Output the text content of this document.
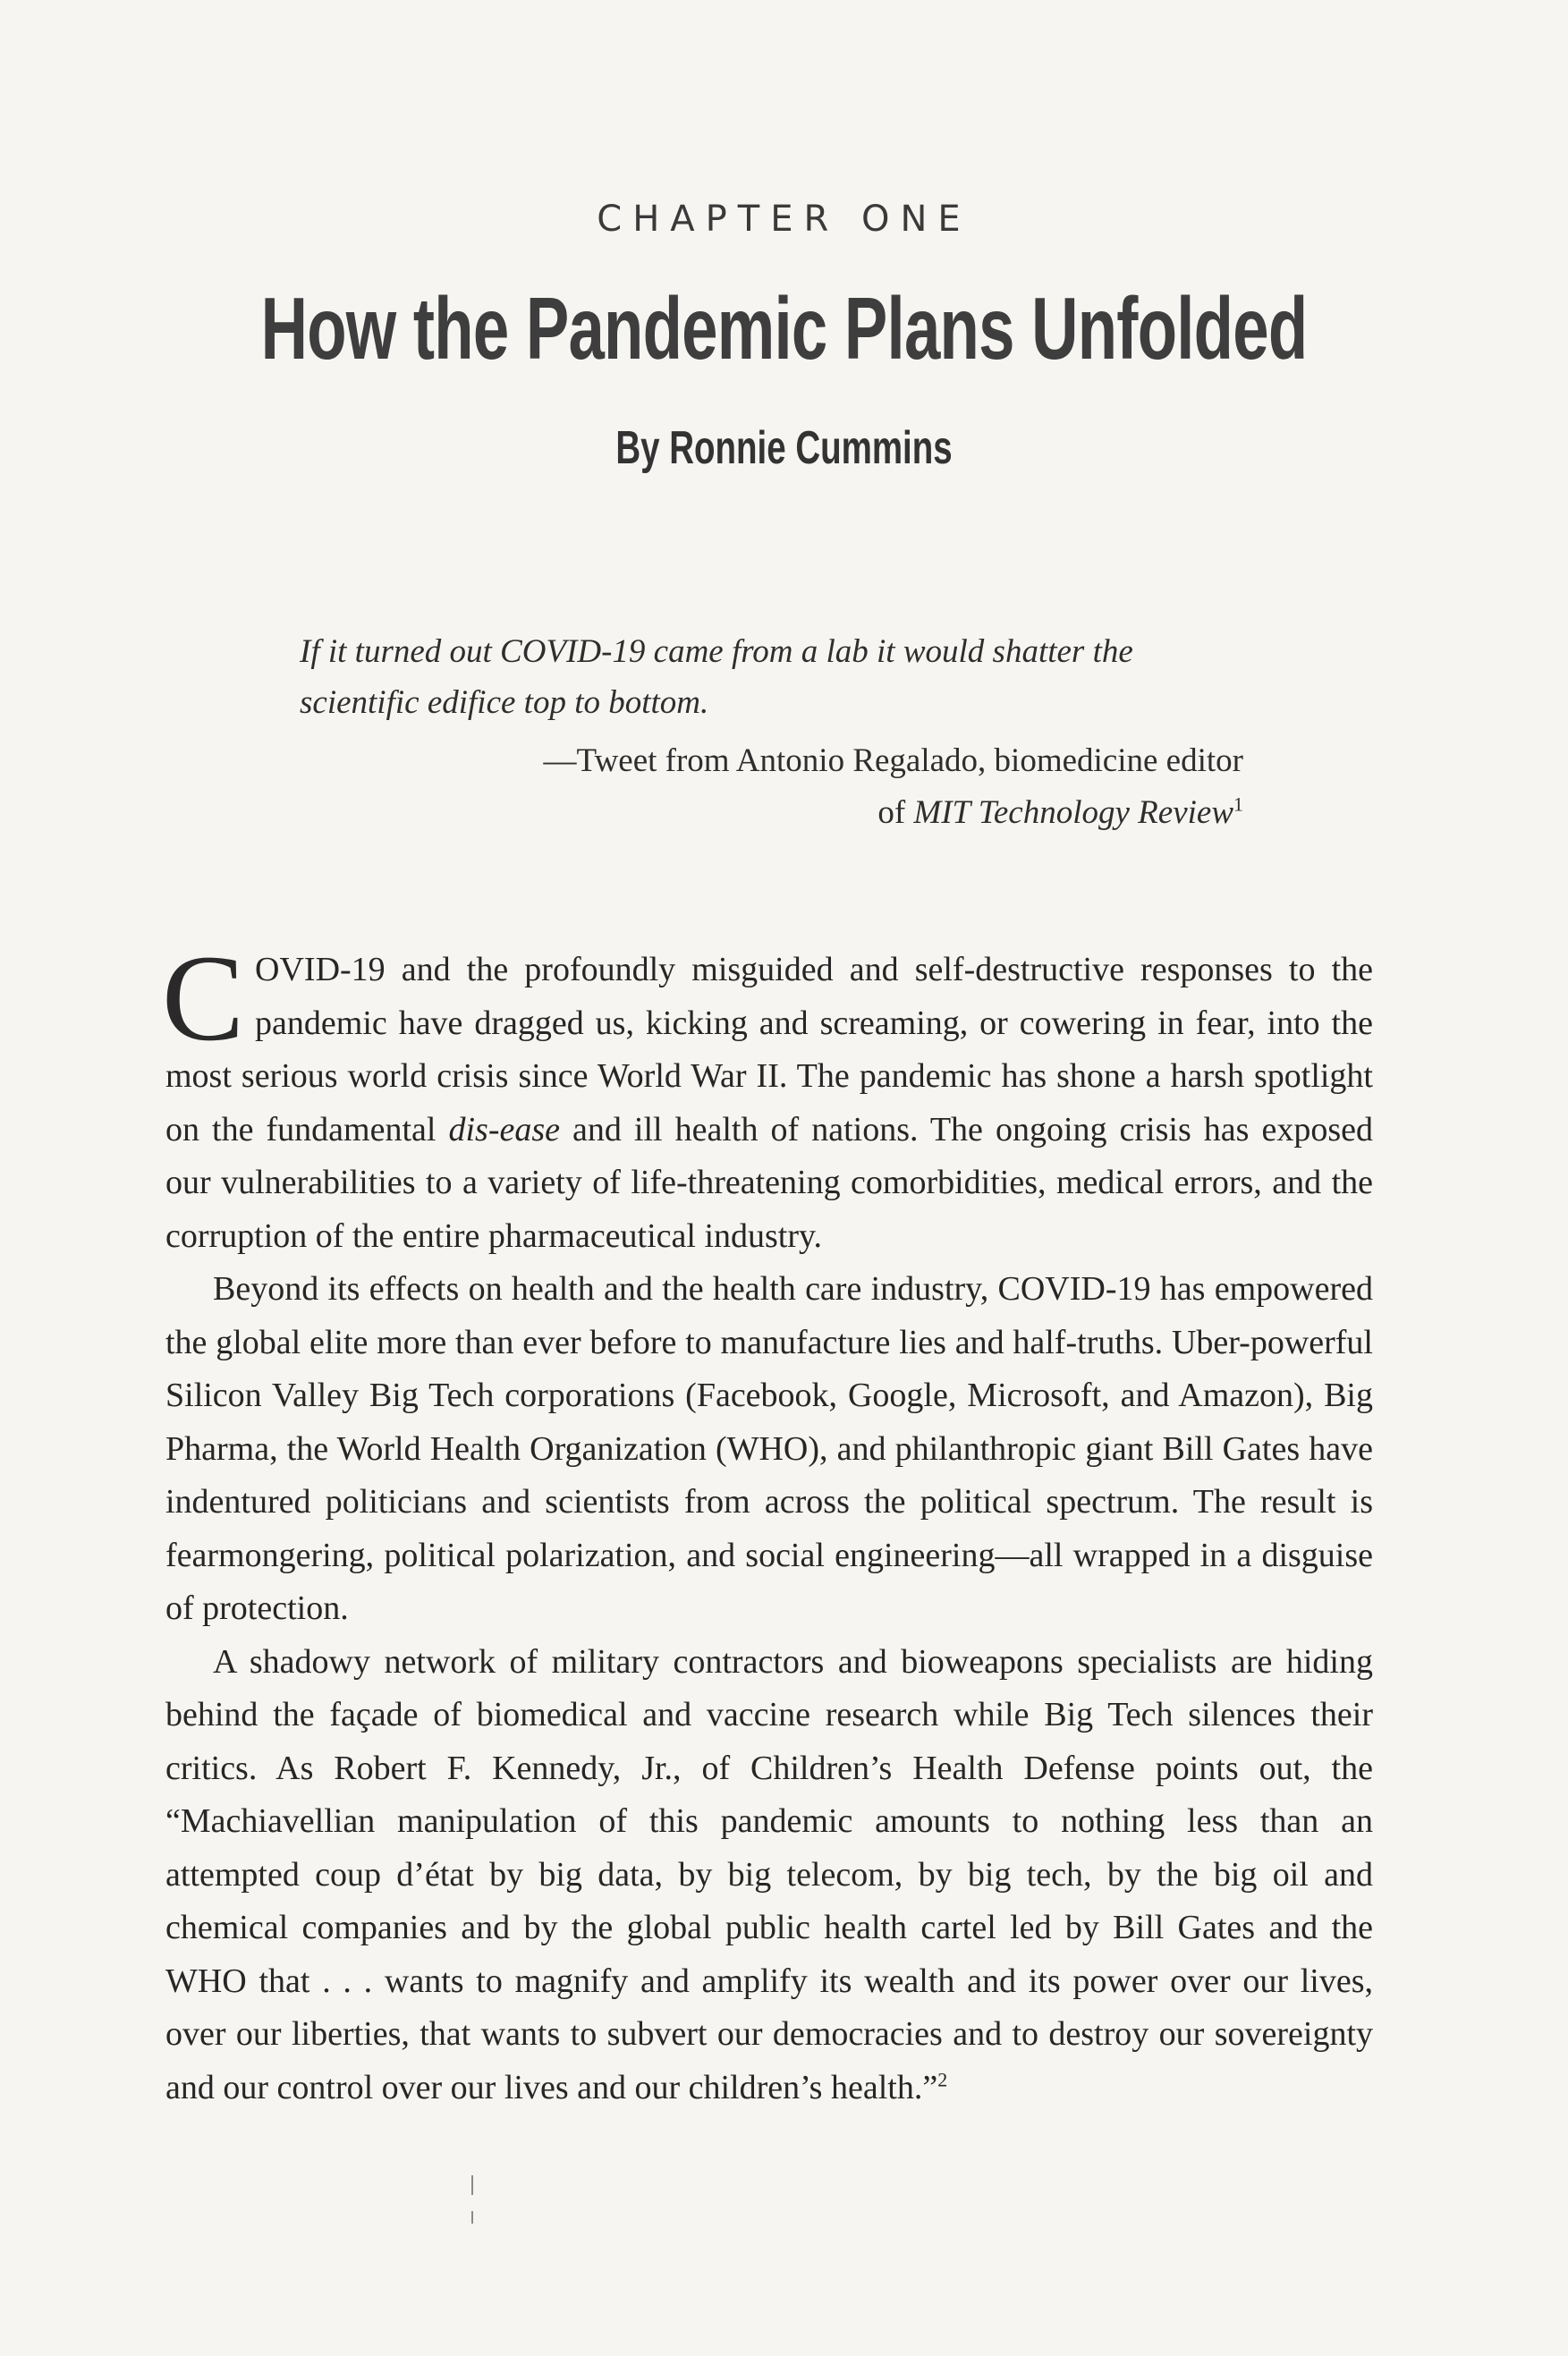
CHAPTER ONE
How the Pandemic Plans Unfolded
By Ronnie Cummins

If it turned out COVID-19 came from a lab it would shatter the scientific edifice top to bottom.

—Tweet from Antonio Regalado, biomedicine editor
of MIT Technology Review$^1$

COVID-19 and the profoundly misguided and self-destructive responses to the pandemic have dragged us, kicking and screaming, or cowering in fear, into the most serious world crisis since World War II. The pandemic has shone a harsh spotlight on the fundamental dis-ease and ill health of nations. The ongoing crisis has exposed our vulnerabilities to a variety of life-threatening comorbidities, medical errors, and the corruption of the entire pharmaceutical industry.

Beyond its effects on health and the health care industry, COVID-19 has empowered the global elite more than ever before to manufacture lies and half-truths. Uber-powerful Silicon Valley Big Tech corporations (Facebook, Google, Microsoft, and Amazon), Big Pharma, the World Health Organization (WHO), and philanthropic giant Bill Gates have indentured politicians and scientists from across the political spectrum. The result is fearmongering, political polarization, and social engineering—all wrapped in a disguise of protection.

A shadowy network of military contractors and bioweapons specialists are hiding behind the façade of biomedical and vaccine research while Big Tech silences their critics. As Robert F. Kennedy, Jr., of Children’s Health Defense points out, the “Machiavellian manipulation of this pandemic amounts to nothing less than an attempted coup d’état by big data, by big telecom, by big tech, by the big oil and chemical companies and by the global public health cartel led by Bill Gates and the WHO that . . . wants to magnify and amplify its wealth and its power over our lives, over our liberties, that wants to subvert our democracies and to destroy our sovereignty and our control over our lives and our children’s health.”$^2$
